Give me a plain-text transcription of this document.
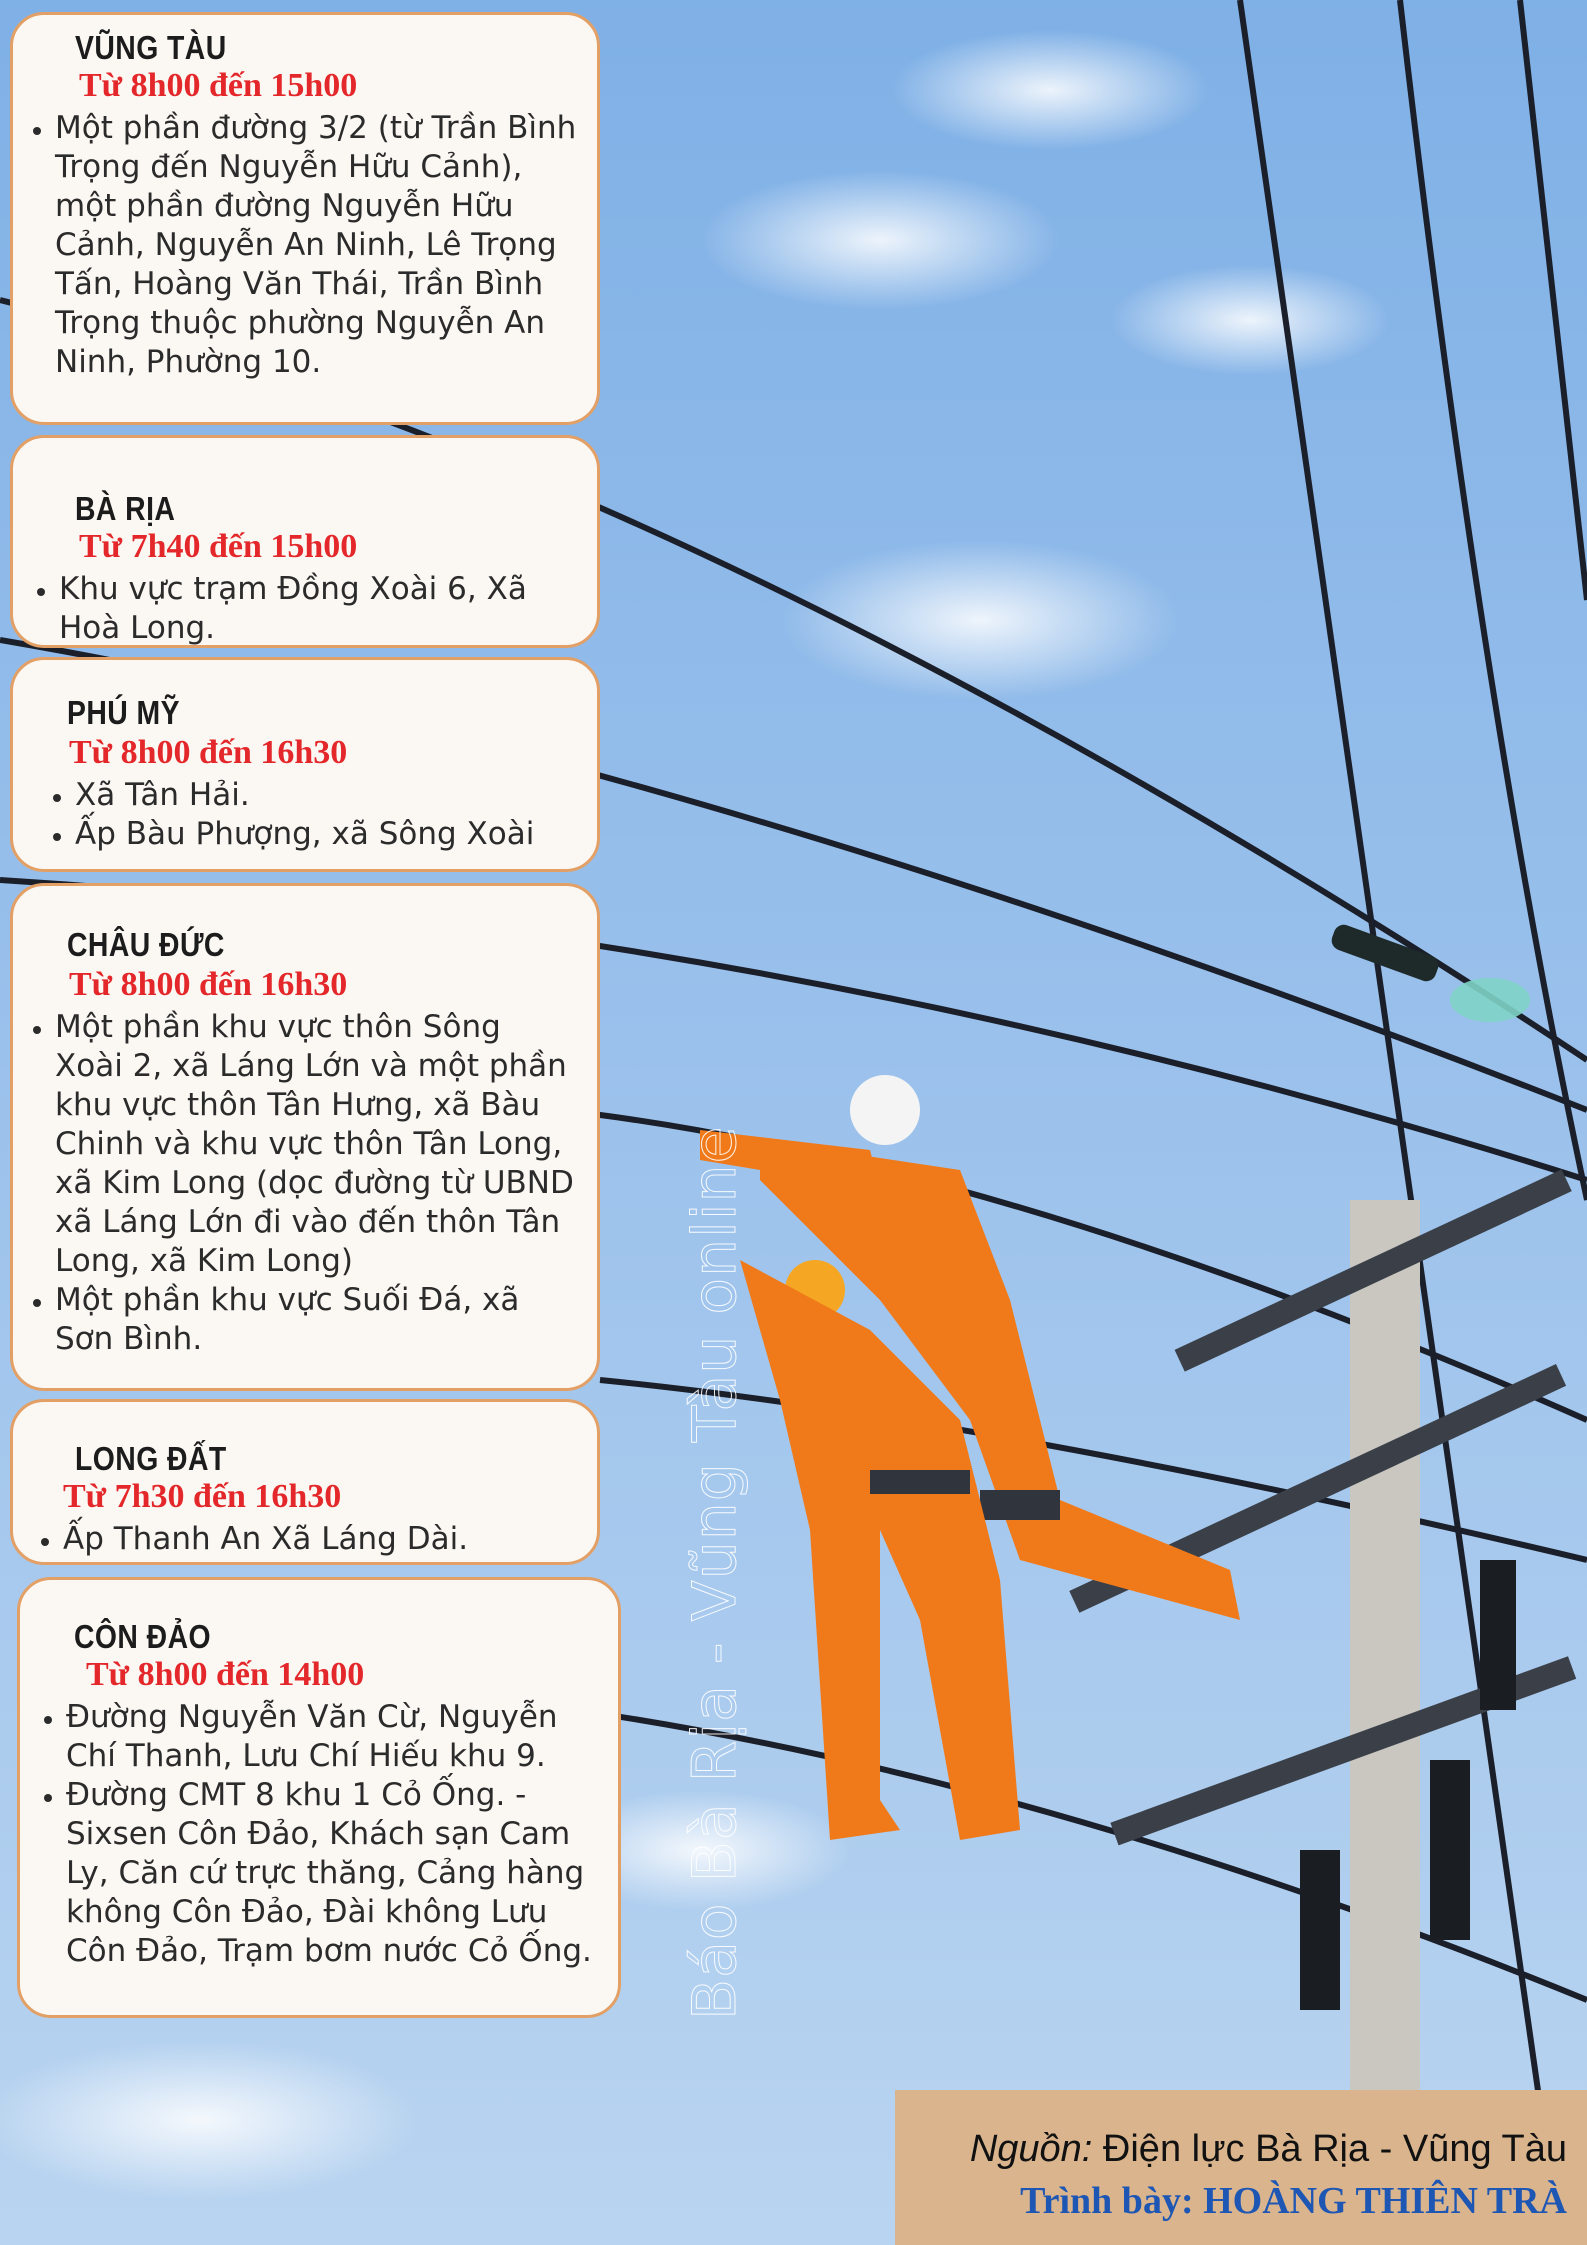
VŨNG TÀU
Từ 8h00 đến 15h00
• Một phần đường 3/2 (từ Trần Bình Trọng đến Nguyễn Hữu Cảnh), một phần đường Nguyễn Hữu Cảnh, Nguyễn An Ninh, Lê Trọng Tấn, Hoàng Văn Thái, Trần Bình Trọng thuộc phường Nguyễn An Ninh, Phường 10.
BÀ RỊA
Từ 7h40 đến 15h00
• Khu vực trạm Đồng Xoài 6, Xã Hoà Long.
PHÚ MỸ
Từ 8h00 đến 16h30
• Xã Tân Hải.
• Ấp Bàu Phượng, xã Sông Xoài
CHÂU ĐỨC
Từ 8h00 đến 16h30
• Một phần khu vực thôn Sông Xoài 2, xã Láng Lớn và một phần khu vực thôn Tân Hưng, xã Bàu Chinh và khu vực thôn Tân Long, xã Kim Long (dọc đường từ UBND xã Láng Lớn đi vào đến thôn Tân Long, xã Kim Long)
• Một phần khu vực Suối Đá, xã Sơn Bình.
LONG ĐẤT
Từ 7h30 đến 16h30
• Ấp Thanh An Xã Láng Dài.
CÔN ĐẢO
Từ 8h00 đến 14h00
• Đường Nguyễn Văn Cừ, Nguyễn Chí Thanh, Lưu Chí Hiếu khu 9.
• Đường CMT 8 khu 1 Cỏ Ống. - Sixsen Côn Đảo, Khách sạn Cam Ly, Căn cứ trực thăng, Cảng hàng không Côn Đảo, Đài không Lưu Côn Đảo, Trạm bơm nước Cỏ Ống. Báo Bà Rịa - Vũng Tàu online
Nguồn: Điện lực Bà Rịa - Vũng Tàu
Trình bày: HOÀNG THIÊN TRÀ
